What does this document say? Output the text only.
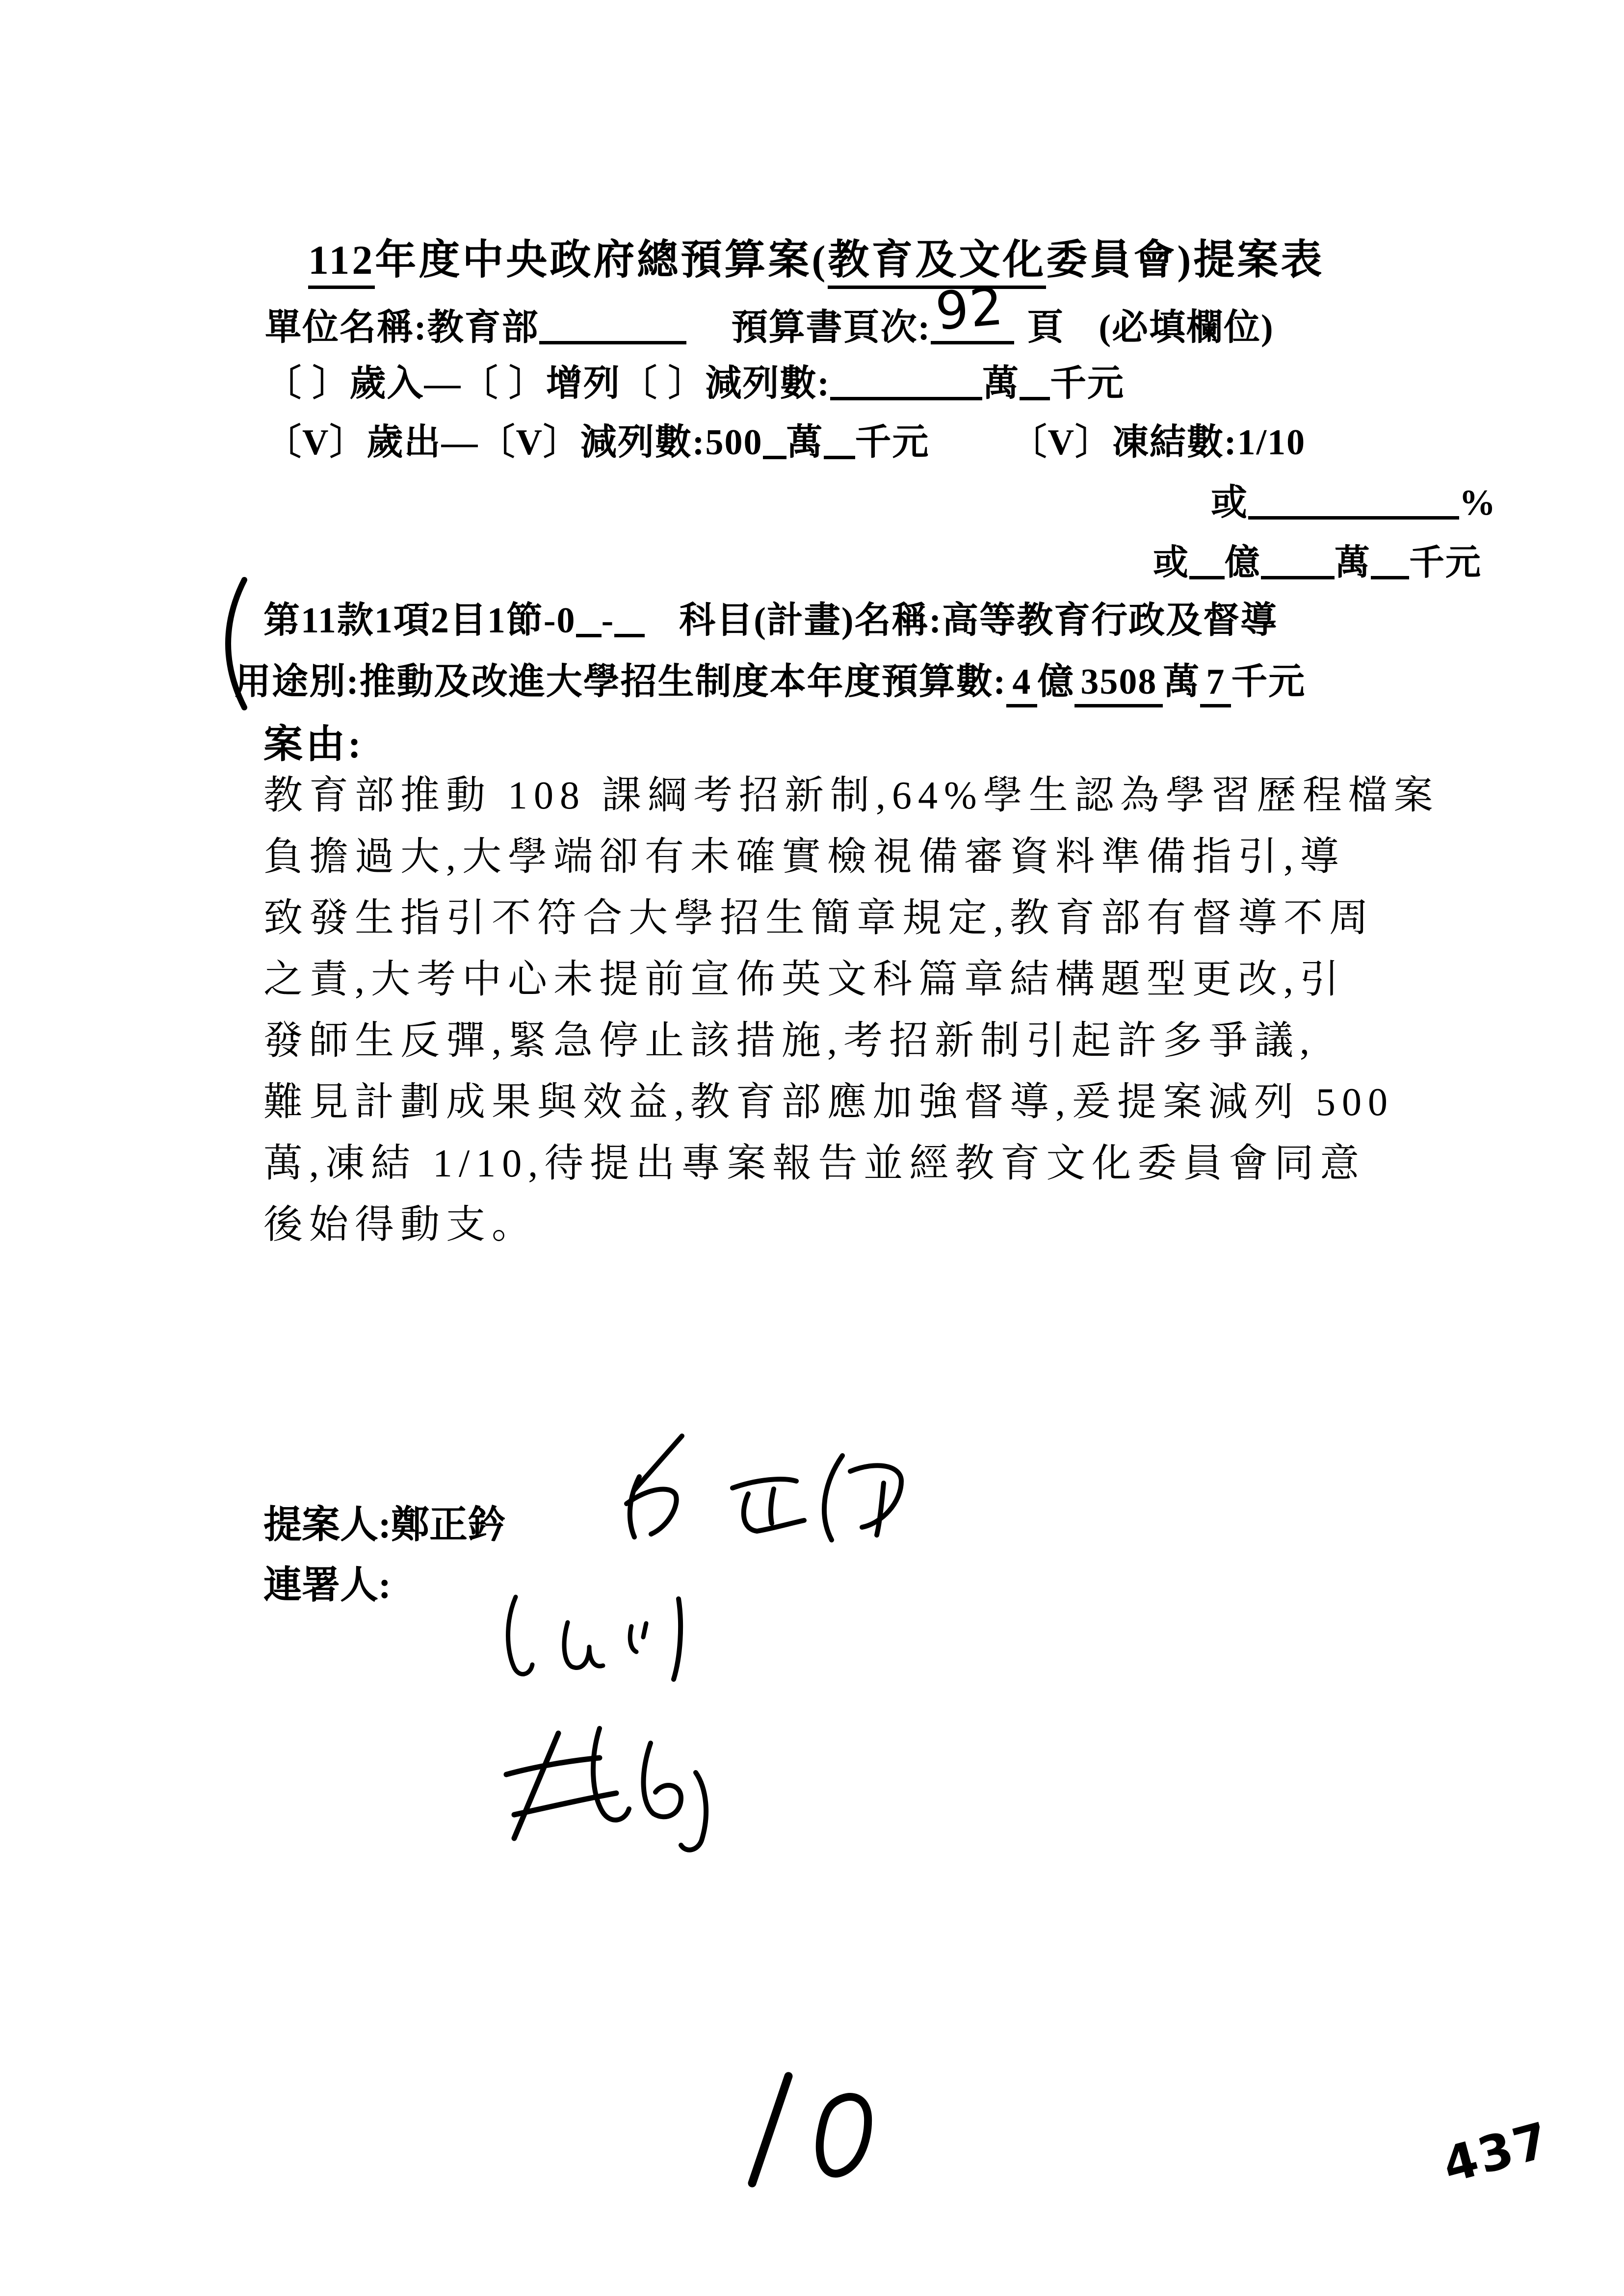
112年度中央政府總預算案(教育及文化委員會)提案表
單位名稱:教育部	預算書頁次: 92 頁 (必填欄位)
〔 〕歲入—〔 〕增列〔 〕減列數:	萬 千元
〔V〕歲出—〔V〕減列數:500 萬 千元 〔V〕凍結數:1/10
或	%
或 億 萬 千元
第11款1項2目1節-0 - 科目(計畫)名稱:高等教育行政及督導
用途別:推動及改進大學招生制度本年度預算數: 4 億 3508 萬 7 千元
案由:
教育部推動 108 課綱考招新制,64%學生認為學習歷程檔案
負擔過大,大學端卻有未確實檢視備審資料準備指引,導
致發生指引不符合大學招生簡章規定,教育部有督導不周
之責,大考中心未提前宣佈英文科篇章結構題型更改,引
發師生反彈,緊急停止該措施,考招新制引起許多爭議,
難見計劃成果與效益,教育部應加強督導,爰提案減列 500
萬,凍結 1/10,待提出專案報告並經教育文化委員會同意
後始得動支。
提案人:鄭正鈐
連署人:
437
